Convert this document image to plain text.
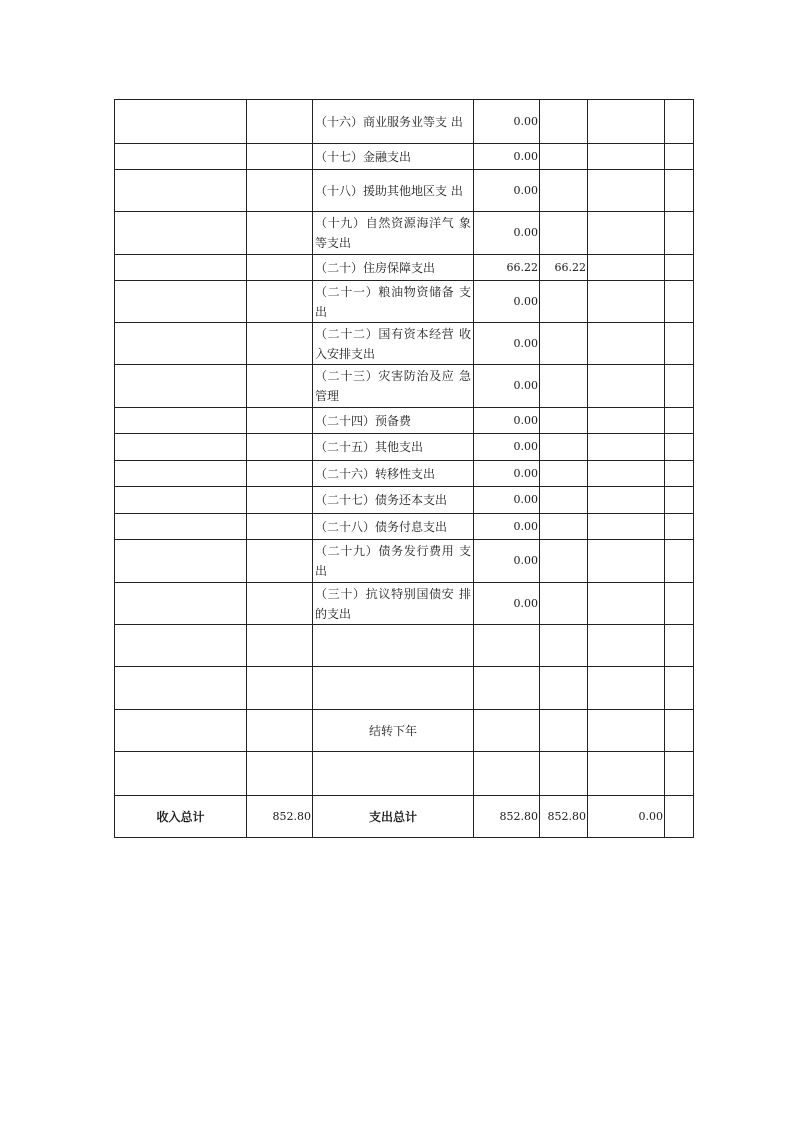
		（十六）商业服务业等支 出	0.00			
		（十七）金融支出	0.00			
		（十八）援助其他地区支 出	0.00			
		（十九）自然资源海洋气 象等支出	0.00			
		（二十）住房保障支出	66.22	66.22		
		（二十一）粮油物资储备 支出	0.00			
		（二十二）国有资本经营 收入安排支出	0.00			
		（二十三）灾害防治及应 急管理	0.00			
		（二十四）预备费	0.00			
		（二十五）其他支出	0.00			
		（二十六）转移性支出	0.00			
		（二十七）债务还本支出	0.00			
		（二十八）债务付息支出	0.00			
		（二十九）债务发行费用 支出	0.00			
		（三十）抗议特别国债安 排的支出	0.00			

		结转下年				

收入总计	852.80	支出总计	852.80	852.80	0.00	
